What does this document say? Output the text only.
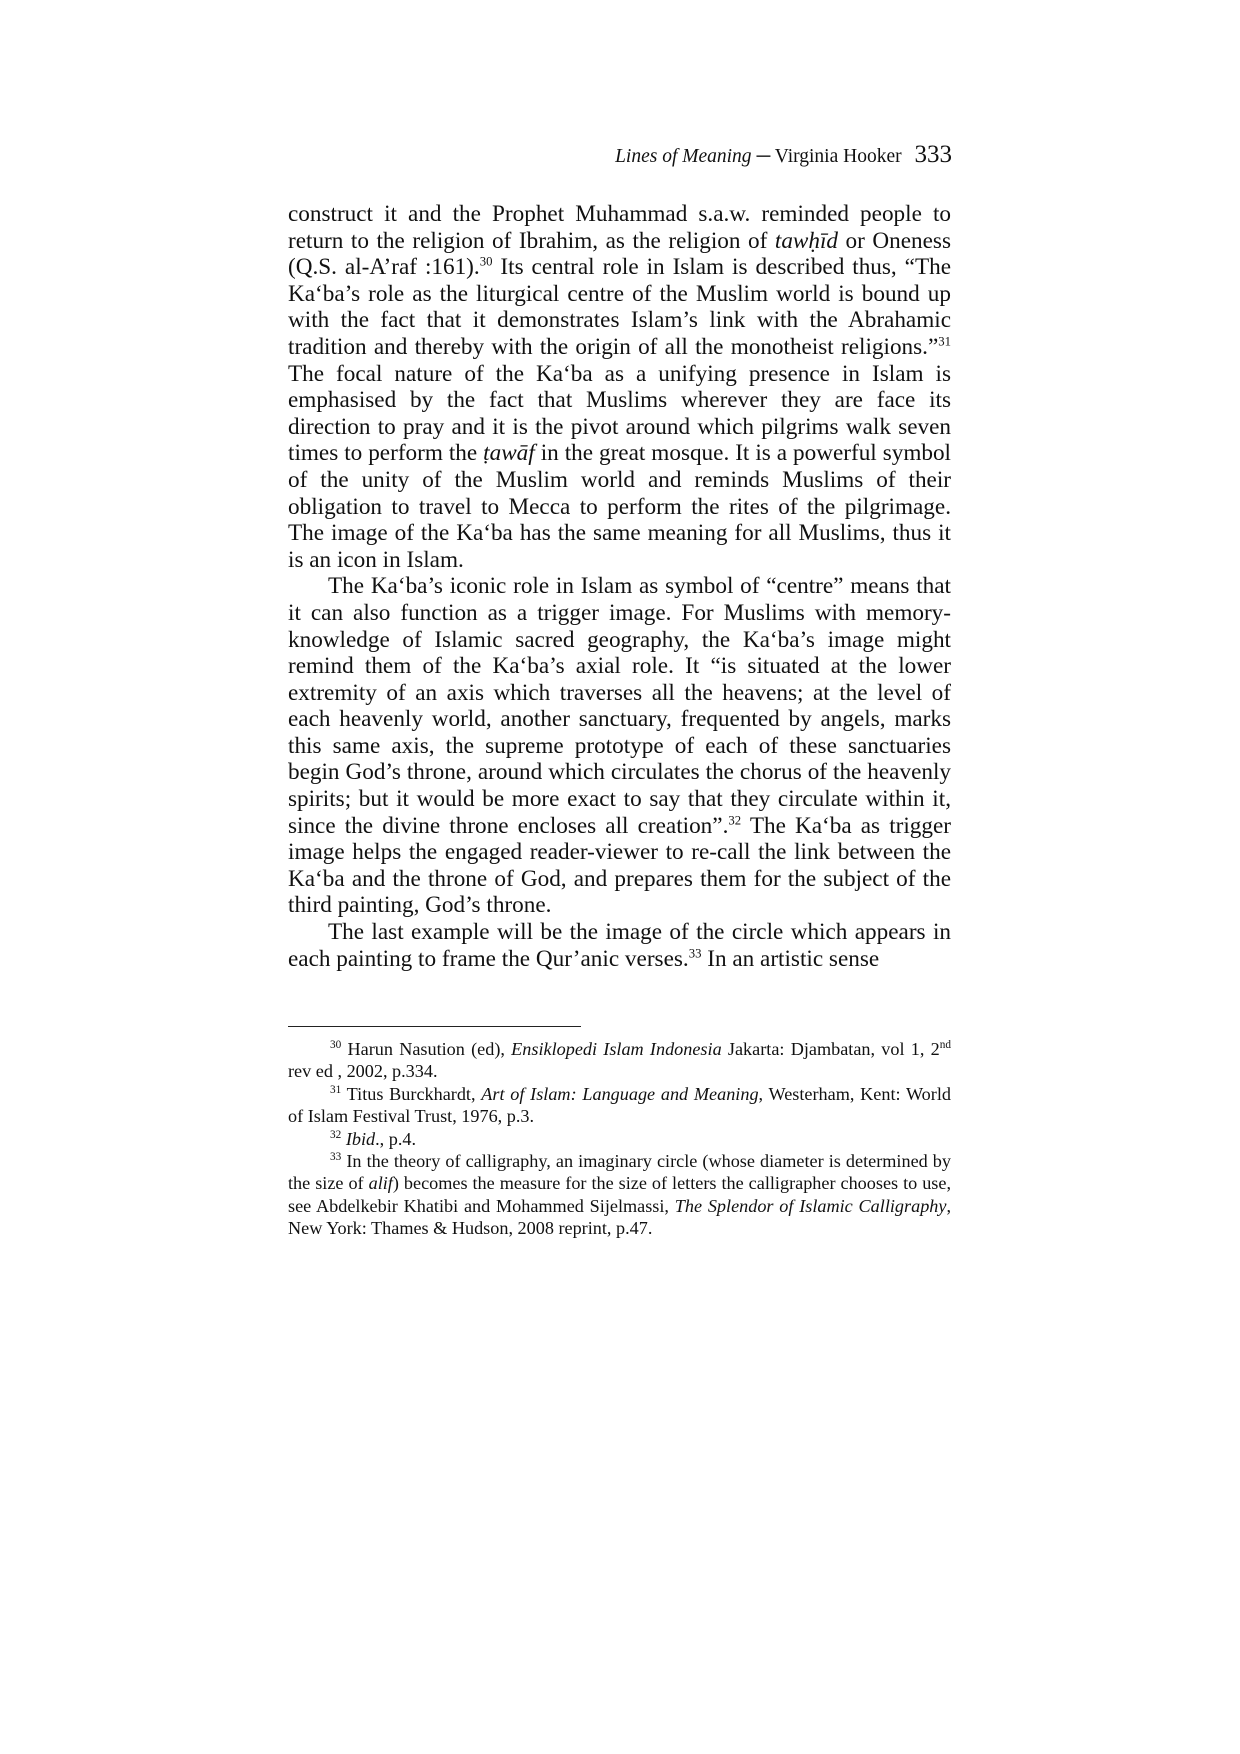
Lines of Meaning ─ Virginia Hooker 333

construct it and the Prophet Muhammad s.a.w. reminded people to return to the religion of Ibrahim, as the religion of tawḥīd or Oneness (Q.S. al-A’raf :161).$^{30}$ Its central role in Islam is described thus, “The Ka‘ba’s role as the liturgical centre of the Muslim world is bound up with the fact that it demonstrates Islam’s link with the Abrahamic tradition and thereby with the origin of all the monotheist religions.”$^{31}$ The focal nature of the Ka‘ba as a unifying presence in Islam is emphasised by the fact that Muslims wherever they are face its direction to pray and it is the pivot around which pilgrims walk seven times to perform the ṭawāf in the great mosque. It is a powerful symbol of the unity of the Muslim world and reminds Muslims of their obligation to travel to Mecca to perform the rites of the pilgrimage. The image of the Ka‘ba has the same meaning for all Muslims, thus it is an icon in Islam.

The Ka‘ba’s iconic role in Islam as symbol of “centre” means that it can also function as a trigger image. For Muslims with memory-knowledge of Islamic sacred geography, the Ka‘ba’s image might remind them of the Ka‘ba’s axial role. It “is situated at the lower extremity of an axis which traverses all the heavens; at the level of each heavenly world, another sanctuary, frequented by angels, marks this same axis, the supreme prototype of each of these sanctuaries begin God’s throne, around which circulates the chorus of the heavenly spirits; but it would be more exact to say that they circulate within it, since the divine throne encloses all creation”.$^{32}$ The Ka‘ba as trigger image helps the engaged reader-viewer to re-call the link between the Ka‘ba and the throne of God, and prepares them for the subject of the third painting, God’s throne.

The last example will be the image of the circle which appears in each painting to frame the Qur’anic verses.$^{33}$ In an artistic sense

$^{30}$ Harun Nasution (ed), Ensiklopedi Islam Indonesia Jakarta: Djambatan, vol 1, 2nd rev ed , 2002, p.334.

$^{31}$ Titus Burckhardt, Art of Islam: Language and Meaning, Westerham, Kent: World of Islam Festival Trust, 1976, p.3.

$^{32}$ Ibid., p.4.

$^{33}$ In the theory of calligraphy, an imaginary circle (whose diameter is determined by the size of alif) becomes the measure for the size of letters the calligrapher chooses to use, see Abdelkebir Khatibi and Mohammed Sijelmassi, The Splendor of Islamic Calligraphy, New York: Thames & Hudson, 2008 reprint, p.47.
